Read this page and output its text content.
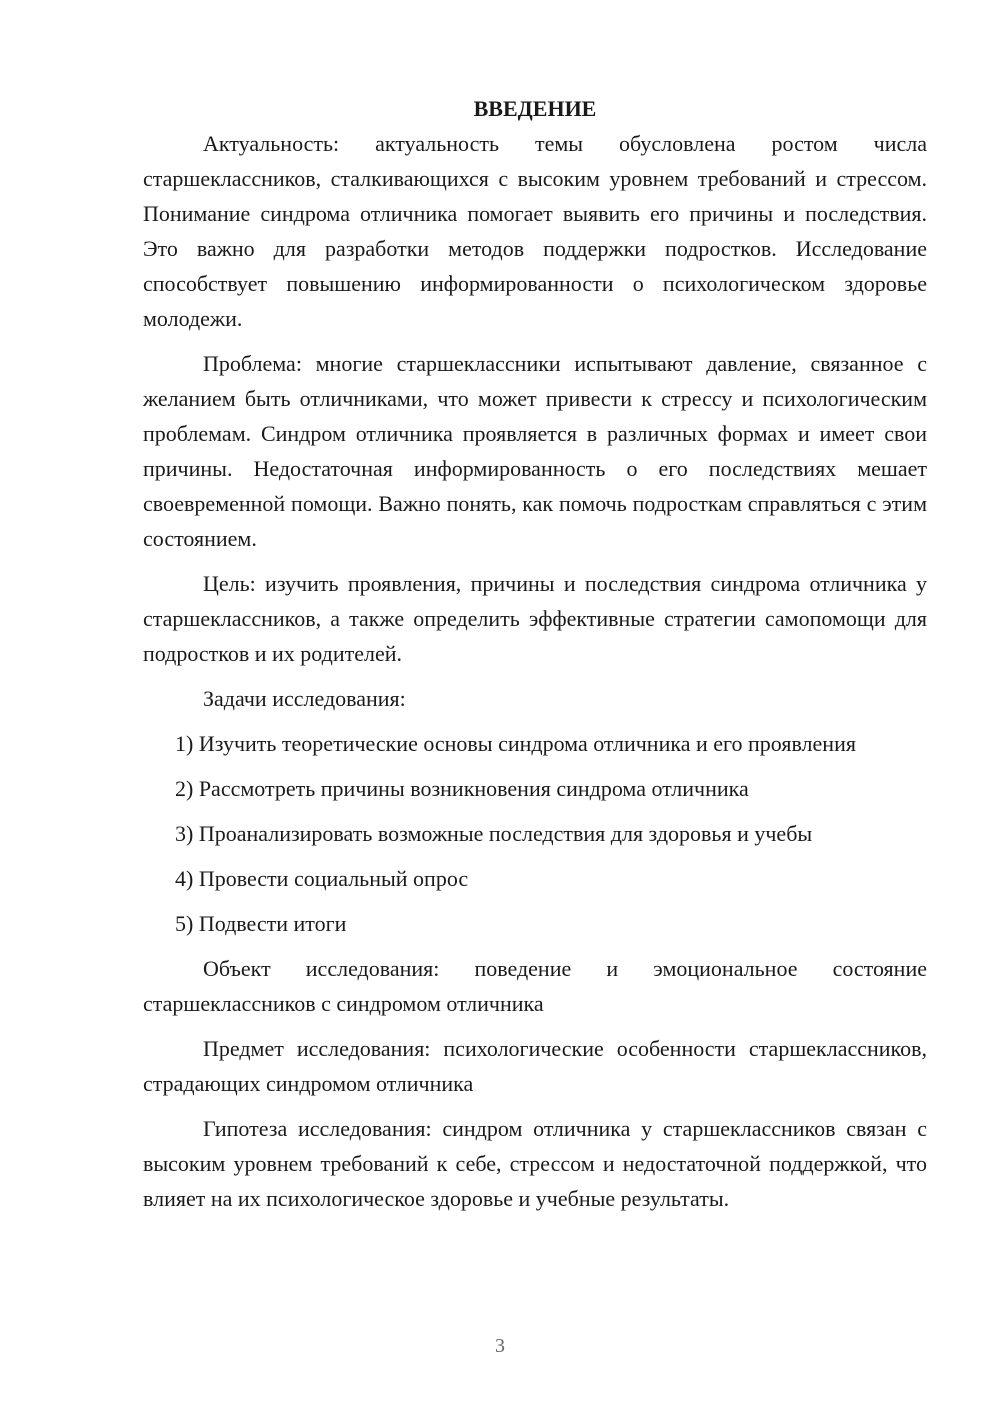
ВВЕДЕНИЕ

Актуальность: актуальность темы обусловлена ростом числа старшеклассников, сталкивающихся с высоким уровнем требований и стрессом. Понимание синдрома отличника помогает выявить его причины и последствия. Это важно для разработки методов поддержки подростков. Исследование способствует повышению информированности о психологическом здоровье молодежи.

Проблема: многие старшеклассники испытывают давление, связанное с желанием быть отличниками, что может привести к стрессу и психологическим проблемам. Синдром отличника проявляется в различных формах и имеет свои причины. Недостаточная информированность о его последствиях мешает своевременной помощи. Важно понять, как помочь подросткам справляться с этим состоянием.

Цель: изучить проявления, причины и последствия синдрома отличника у старшеклассников, а также определить эффективные стратегии самопомощи для подростков и их родителей.

Задачи исследования:

1) Изучить теоретические основы синдрома отличника и его проявления

2) Рассмотреть причины возникновения синдрома отличника

3) Проанализировать возможные последствия для здоровья и учебы

4) Провести социальный опрос

5) Подвести итоги

Объект исследования: поведение и эмоциональное состояние старшеклассников с синдромом отличника

Предмет исследования: психологические особенности старшеклассников, страдающих синдромом отличника

Гипотеза исследования: синдром отличника у старшеклассников связан с высоким уровнем требований к себе, стрессом и недостаточной поддержкой, что влияет на их психологическое здоровье и учебные результаты.

3
